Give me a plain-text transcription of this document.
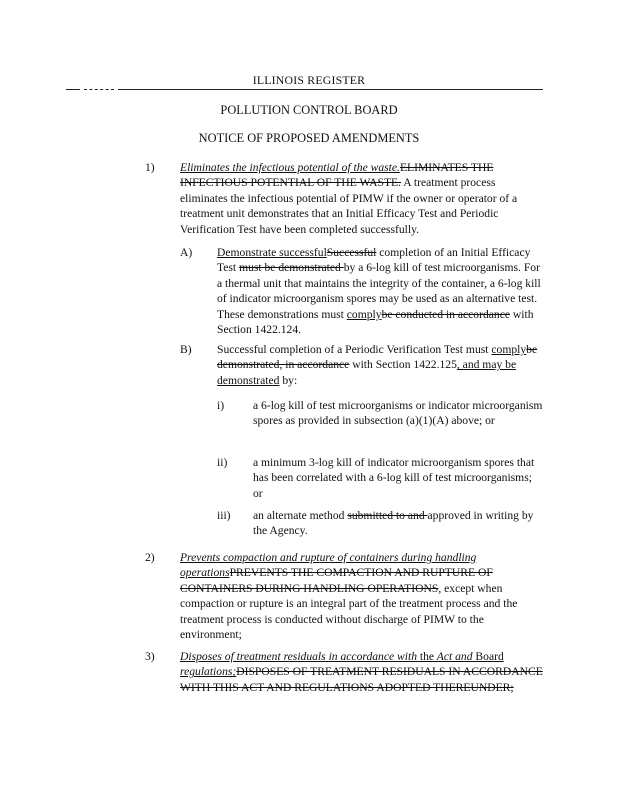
ILLINOIS REGISTER
POLLUTION CONTROL BOARD
NOTICE OF PROPOSED AMENDMENTS
1) Eliminates the infectious potential of the waste.ELIMINATES THE INFECTIOUS POTENTIAL OF THE WASTE. A treatment process eliminates the infectious potential of PIMW if the owner or operator of a treatment unit demonstrates that an Initial Efficacy Test and Periodic Verification Test have been completed successfully.
A) Demonstrate successfulSuccessful completion of an Initial Efficacy Test must be demonstrated by a 6-log kill of test microorganisms. For a thermal unit that maintains the integrity of the container, a 6-log kill of indicator microorganism spores may be used as an alternative test. These demonstrations must complybe conducted in accordance with Section 1422.124.
B) Successful completion of a Periodic Verification Test must complybe demonstrated, in accordance with Section 1422.125, and may be demonstrated by:
i) a 6-log kill of test microorganisms or indicator microorganism spores as provided in subsection (a)(1)(A) above; or
ii) a minimum 3-log kill of indicator microorganism spores that has been correlated with a 6-log kill of test microorganisms; or
iii) an alternate method submitted to and approved in writing by the Agency.
2) Prevents compaction and rupture of containers during handling operationsPREVENTS THE COMPACTION AND RUPTURE OF CONTAINERS DURING HANDLING OPERATIONS, except when compaction or rupture is an integral part of the treatment process and the treatment process is conducted without discharge of PIMW to the environment;
3) Disposes of treatment residuals in accordance with the Act and Board regulations;DISPOSES OF TREATMENT RESIDUALS IN ACCORDANCE WITH THIS ACT AND REGULATIONS ADOPTED THEREUNDER;
